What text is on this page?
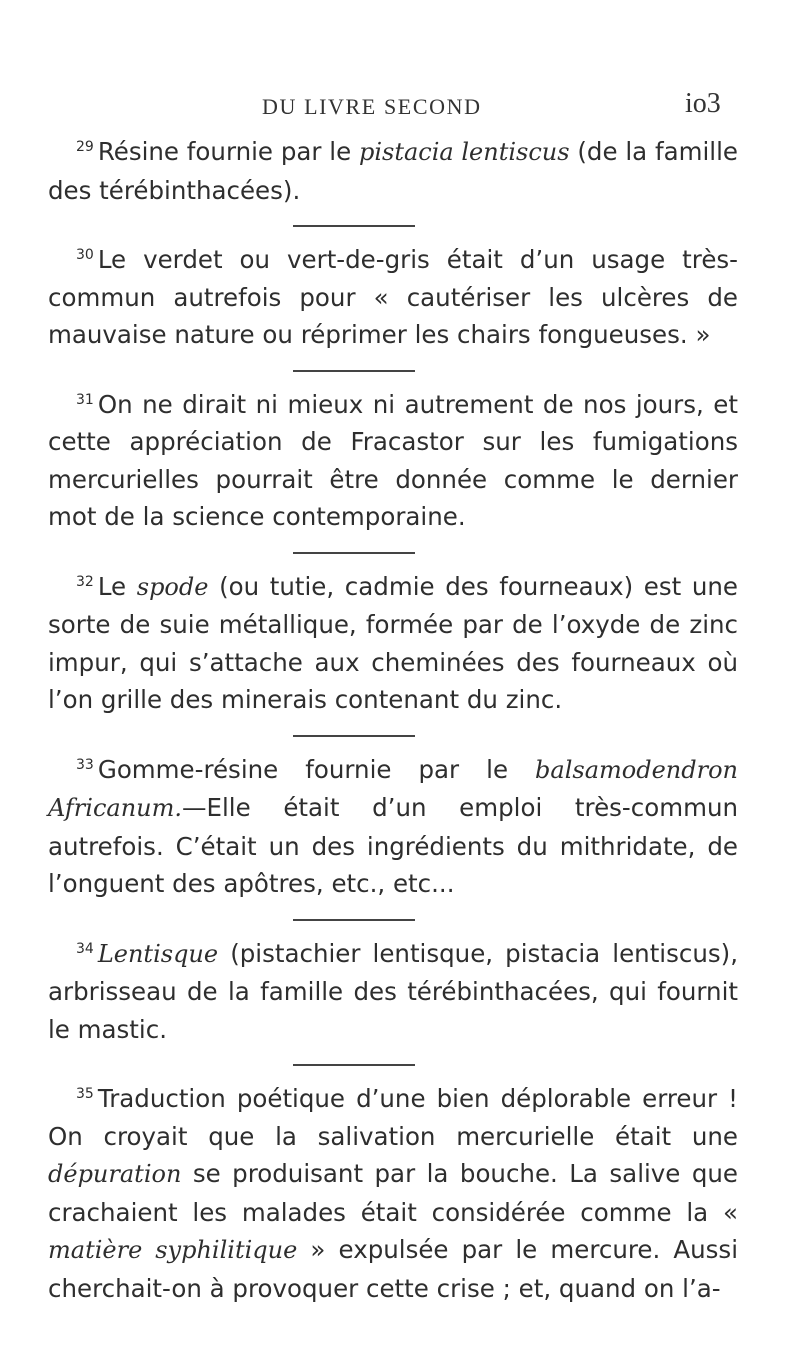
DU LIVRE SECOND	io3

$^{29}$ Résine fournie par le pistacia lentiscus (de la famille des térébinthacées).

$^{30}$ Le verdet ou vert-de-gris était d’un usage très-commun autrefois pour « cautériser les ulcères de mauvaise nature ou réprimer les chairs fongueuses. »

$^{31}$ On ne dirait ni mieux ni autrement de nos jours, et cette appréciation de Fracastor sur les fumigations mercurielles pourrait être donnée comme le dernier mot de la science contemporaine.

$^{32}$ Le spode (ou tutie, cadmie des fourneaux) est une sorte de suie métallique, formée par de l’oxyde de zinc impur, qui s’attache aux cheminées des fourneaux où l’on grille des minerais contenant du zinc.

$^{33}$ Gomme-résine fournie par le balsamodendron Africanum.—Elle était d’un emploi très-commun autrefois. C’était un des ingrédients du mithridate, de l’onguent des apôtres, etc., etc...

$^{34}$ Lentisque (pistachier lentisque, pistacia lentiscus), arbrisseau de la famille des térébinthacées, qui fournit le mastic.

$^{35}$ Traduction poétique d’une bien déplorable erreur ! On croyait que la salivation mercurielle était une dépuration se produisant par la bouche. La salive que crachaient les malades était considérée comme la « matière syphilitique » expulsée par le mercure. Aussi cherchait-on à provoquer cette crise ; et, quand on l’a-
